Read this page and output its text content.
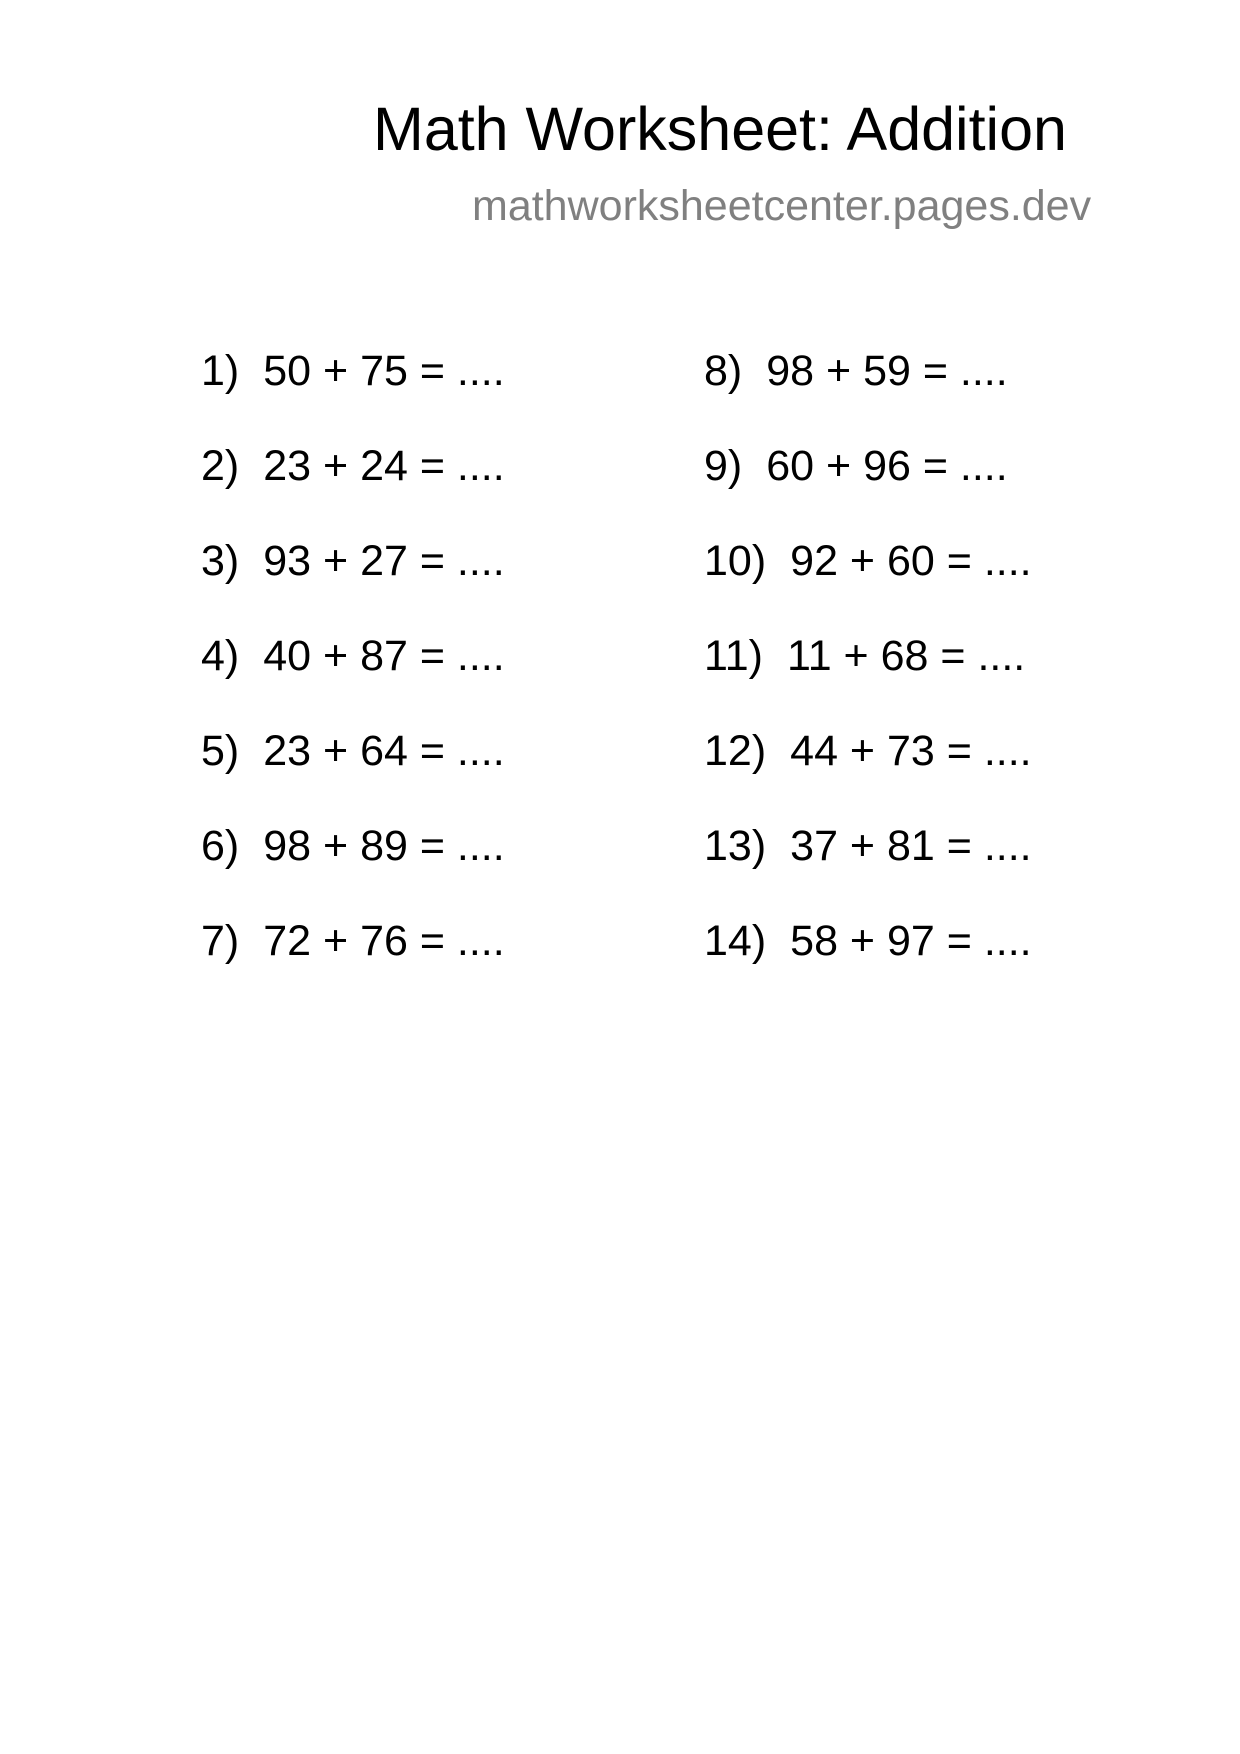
Math Worksheet: Addition
mathworksheetcenter.pages.dev
1) 50 + 75 = ....
2) 23 + 24 = ....
3) 93 + 27 = ....
4) 40 + 87 = ....
5) 23 + 64 = ....
6) 98 + 89 = ....
7) 72 + 76 = ....
8) 98 + 59 = ....
9) 60 + 96 = ....
10) 92 + 60 = ....
11) 11 + 68 = ....
12) 44 + 73 = ....
13) 37 + 81 = ....
14) 58 + 97 = ....
